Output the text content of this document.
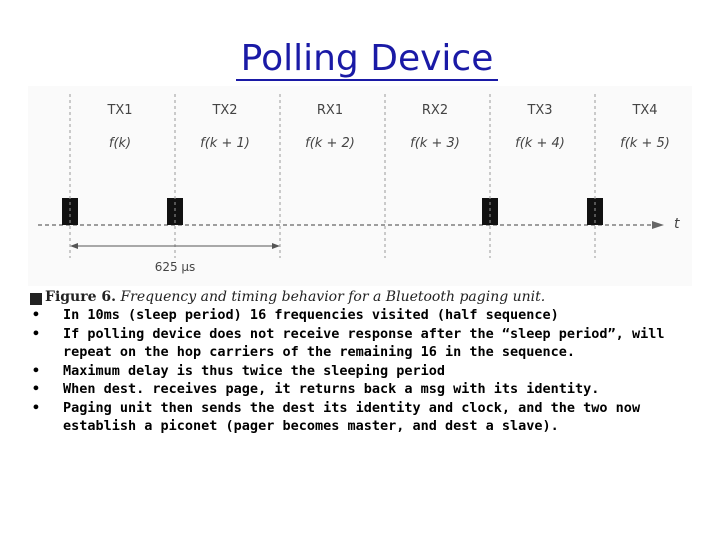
Polling Device
t
TX1
f(k)
TX2
f(k + 1)
RX1
f(k + 2)
RX2
f(k + 3)
TX3
f(k + 4)
TX4
f(k + 5)
625 µs
Figure 6. Frequency and timing behavior for a Bluetooth paging unit.
• In 10ms (sleep period) 16 frequencies visited (half sequence)
• If polling device does not receive response after the “sleep period”, will repeat on the hop carriers of the remaining 16 in the sequence.
• Maximum delay is thus twice the sleeping period
• When dest. receives page, it returns back a msg with its identity.
• Paging unit then sends the dest its identity and clock, and the two now establish a piconet (pager becomes master, and dest a slave).
